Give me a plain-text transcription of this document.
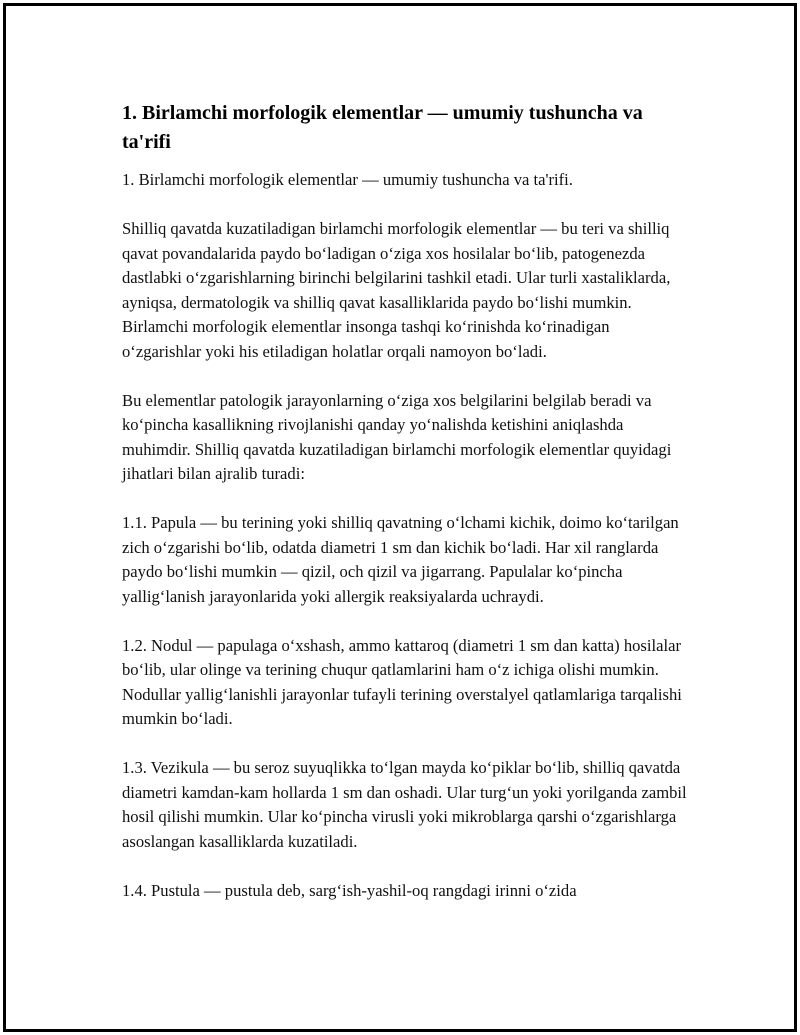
1. Birlamchi morfologik elementlar — umumiy tushuncha va ta'rifi

1. Birlamchi morfologik elementlar — umumiy tushuncha va ta'rifi.

Shilliq qavatda kuzatiladigan birlamchi morfologik elementlar — bu teri va shilliq qavat povandalarida paydo bo‘ladigan o‘ziga xos hosilalar bo‘lib, patogenezda dastlabki o‘zgarishlarning birinchi belgilarini tashkil etadi. Ular turli xastaliklarda, ayniqsa, dermatologik va shilliq qavat kasalliklarida paydo bo‘lishi mumkin. Birlamchi morfologik elementlar insonga tashqi ko‘rinishda ko‘rinadigan o‘zgarishlar yoki his etiladigan holatlar orqali namoyon bo‘ladi.

Bu elementlar patologik jarayonlarning o‘ziga xos belgilarini belgilab beradi va ko‘pincha kasallikning rivojlanishi qanday yo‘nalishda ketishini aniqlashda muhimdir. Shilliq qavatda kuzatiladigan birlamchi morfologik elementlar quyidagi jihatlari bilan ajralib turadi:

1.1. Papula — bu terining yoki shilliq qavatning o‘lchami kichik, doimo ko‘tarilgan zich o‘zgarishi bo‘lib, odatda diametri 1 sm dan kichik bo‘ladi. Har xil ranglarda paydo bo‘lishi mumkin — qizil, och qizil va jigarrang. Papulalar ko‘pincha yallig‘lanish jarayonlarida yoki allergik reaksiyalarda uchraydi.

1.2. Nodul — papulaga o‘xshash, ammo kattaroq (diametri 1 sm dan katta) hosilalar bo‘lib, ular olinge va terining chuqur qatlamlarini ham o‘z ichiga olishi mumkin. Nodullar yallig‘lanishli jarayonlar tufayli terining overstalyel qatlamlariga tarqalishi mumkin bo‘ladi.

1.3. Vezikula — bu seroz suyuqlikka to‘lgan mayda ko‘piklar bo‘lib, shilliq qavatda diametri kamdan-kam hollarda 1 sm dan oshadi. Ular turg‘un yoki yorilganda zambil hosil qilishi mumkin. Ular ko‘pincha virusli yoki mikroblarga qarshi o‘zgarishlarga asoslangan kasalliklarda kuzatiladi.

1.4. Pustula — pustula deb, sarg‘ish-yashil-oq rangdagi irinni o‘zida
